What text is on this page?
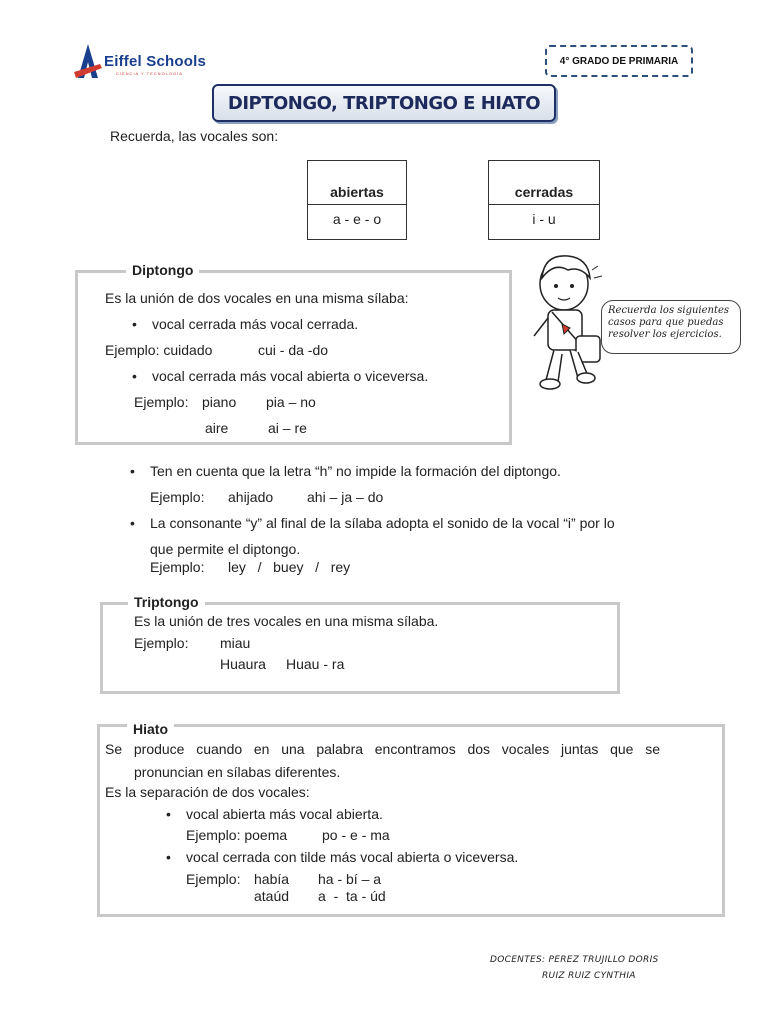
Eiffel Schools
CIENCIA Y TECNOLOGÍA
4° GRADO DE PRIMARIA
DIPTONGO, TRIPTONGO E HIATO
Recuerda, las vocales son:
abiertas
a - e - o
cerradas
i - u
Diptongo
Es la unión de dos vocales en una misma sílaba:
• vocal cerrada más vocal cerrada.
Ejemplo: cuidado	cui - da -do
• vocal cerrada más vocal abierta o viceversa.
Ejemplo: piano pia – no
aire	ai – re
Recuerda los siguientes casos para que puedas resolver los ejercicios.
• Ten en cuenta que la letra “h” no impide la formación del diptongo.
Ejemplo: ahijado ahi – ja – do
• La consonante “y” al final de la sílaba adopta el sonido de la vocal “i” por lo
que permite el diptongo.
Ejemplo: ley   /   buey   /   rey
Triptongo
Es la unión de tres vocales en una misma sílaba.
Ejemplo: miau
Huaura Huau - ra
Hiato
Se produce cuando en una palabra encontramos dos vocales juntas que se
pronuncian en sílabas diferentes.
Es la separación de dos vocales:
• vocal abierta más vocal abierta.
Ejemplo: poema po - e - ma
• vocal cerrada con tilde más vocal abierta o viceversa.
Ejemplo: había ha - bí – a
ataúd a  -  ta - úd
DOCENTES: PEREZ TRUJILLO DORIS
RUIZ RUIZ CYNTHIA
